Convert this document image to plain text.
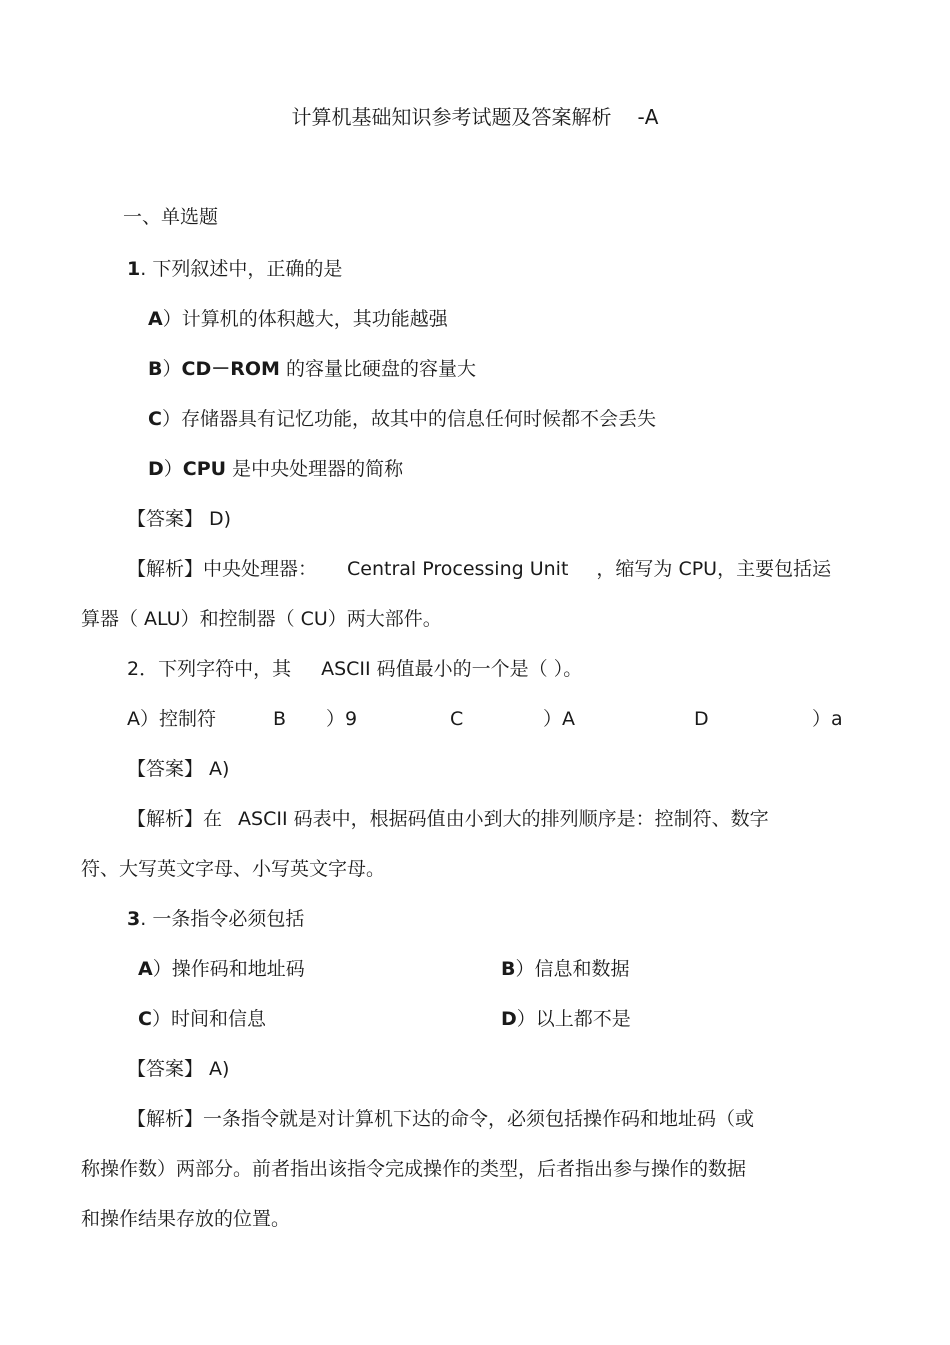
计算机基础知识参考试题及答案解析 -A
一、单选题
1. 下列叙述中，正确的是
A）计算机的体积越大，其功能越强
B）CD－ROM 的容量比硬盘的容量大
C）存储器具有记忆功能，故其中的信息任何时候都不会丢失
D）CPU 是中央处理器的简称
【答案】 D)
【解析】中央处理器： Central Processing Unit ，缩写为 CPU，主要包括运
算器（ ALU）和控制器（ CU）两大部件。
2．下列字符中，其 ASCII 码值最小的一个是（ ）。
A）控制符	B ）9	C	）A	D	）a
【答案】 A)
【解析】在 ASCII 码表中，根据码值由小到大的排列顺序是：控制符、数字
符、大写英文字母、小写英文字母。
3. 一条指令必须包括
A）操作码和地址码	B）信息和数据
C）时间和信息	D）以上都不是
【答案】 A)
【解析】一条指令就是对计算机下达的命令，必须包括操作码和地址码（或
称操作数）两部分。前者指出该指令完成操作的类型，后者指出参与操作的数据
和操作结果存放的位置。
